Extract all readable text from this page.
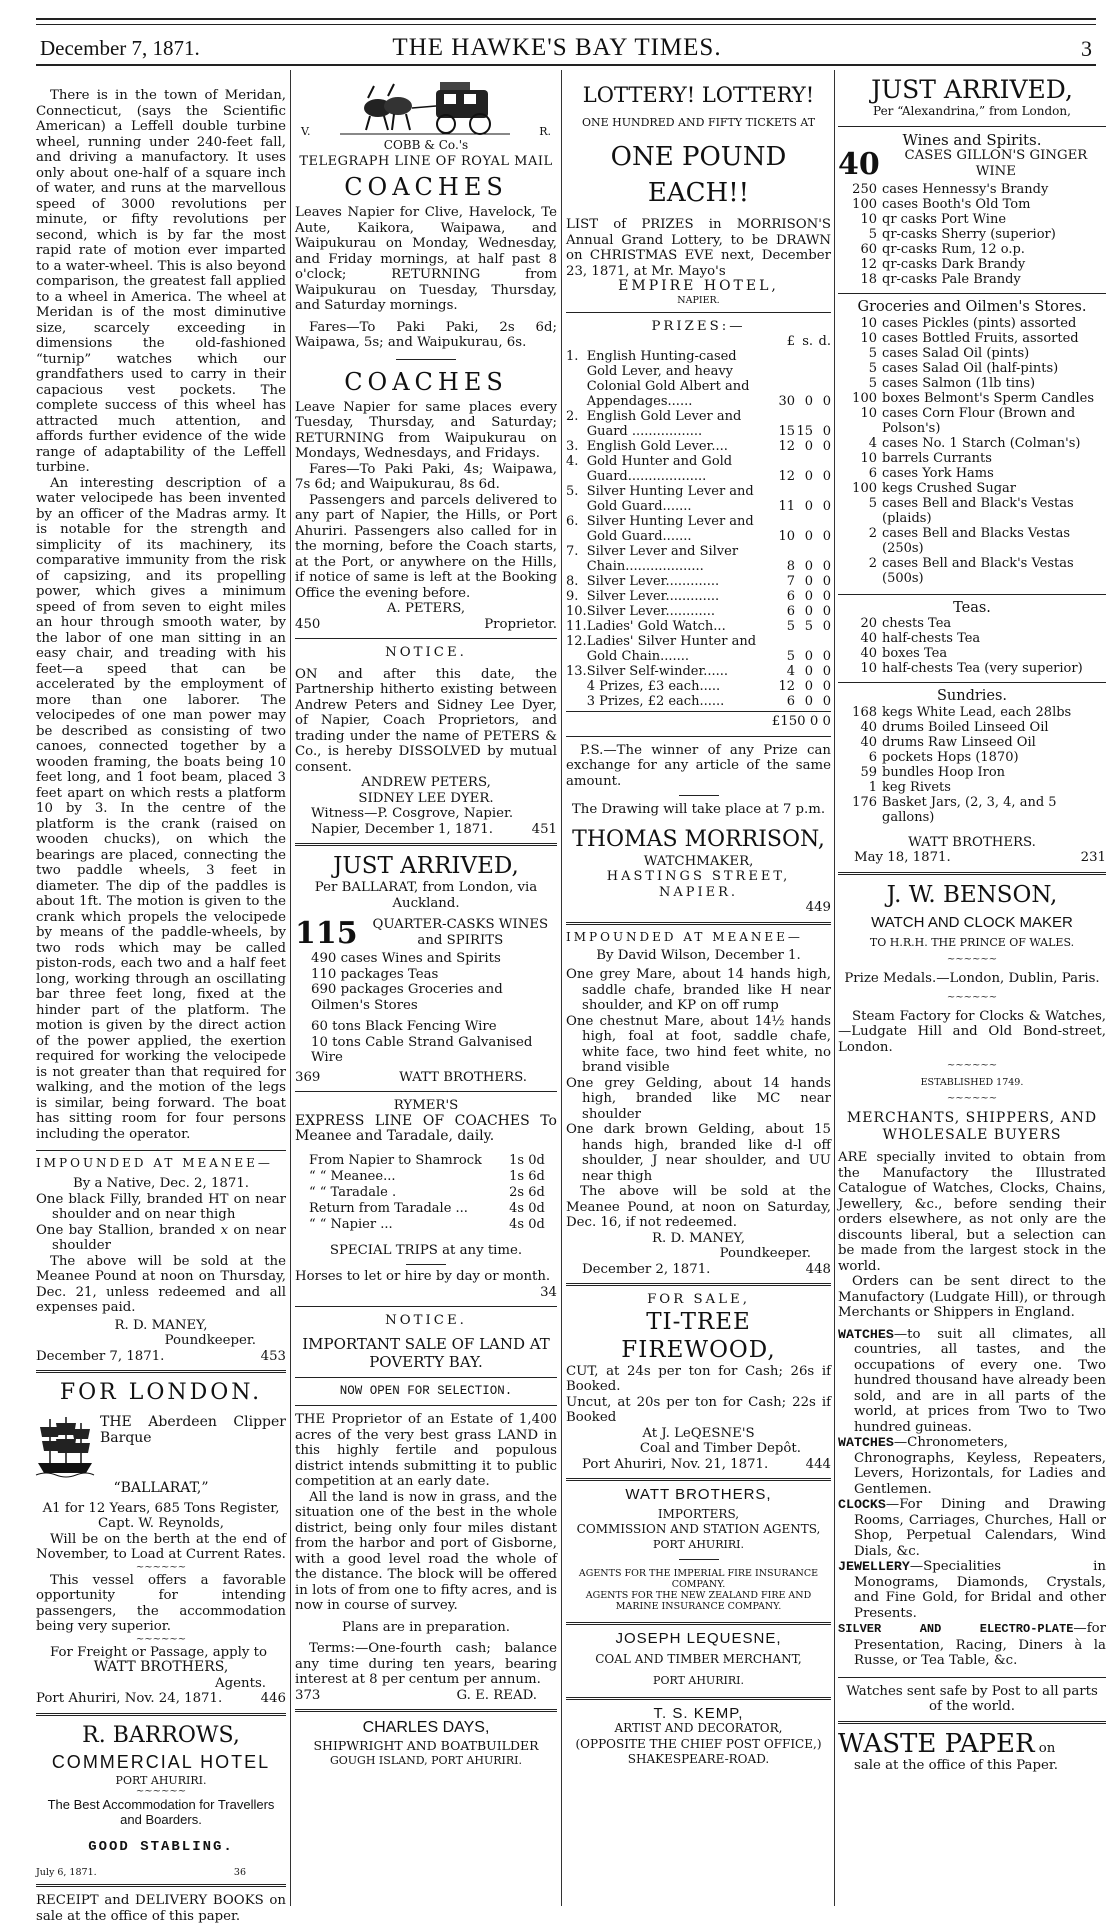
December 7, 1871.	THE HAWKE'S BAY TIMES.	3

There is in the town of Meridan, Connecticut, (says the Scientific American) a Leffell double turbine wheel, running under 240-feet fall, and driving a manufactory. It uses only about one-half of a square inch of water, and runs at the marvellous speed of 3000 revolutions per minute, or fifty revolutions per second, which is by far the most rapid rate of motion ever imparted to a water-wheel. This is also beyond comparison, the greatest fall applied to a wheel in America. The wheel at Meridan is of the most diminutive size, scarcely exceeding in dimensions the old-fashioned “turnip” watches which our grandfathers used to carry in their capacious vest pockets. The complete success of this wheel has attracted much attention, and affords further evidence of the wide range of adaptability of the Leffell turbine.

An interesting description of a water velocipede has been invented by an officer of the Madras army. It is notable for the strength and simplicity of its machinery, its comparative immunity from the risk of capsizing, and its propelling power, which gives a minimum speed of from seven to eight miles an hour through smooth water, by the labor of one man sitting in an easy chair, and treading with his feet—a speed that can be accelerated by the employment of more than one laborer. The velocipedes of one man power may be described as consisting of two canoes, connected together by a wooden framing, the boats being 10 feet long, and 1 foot beam, placed 3 feet apart on which rests a platform 10 by 3. In the centre of the platform is the crank (raised on wooden chucks), on which the bearings are placed, connecting the two paddle wheels, 3 feet in diameter. The dip of the paddles is about 1ft. The motion is given to the crank which propels the velocipede by means of the paddle-wheels, by two rods which may be called piston-rods, each two and a half feet long, working through an oscillating bar three feet long, fixed at the hinder part of the platform. The motion is given by the direct action of the power applied, the exertion required for working the velocipede is not greater than that required for walking, and the motion of the legs is similar, being forward. The boat has sitting room for four persons including the operator.

IMPOUNDED AT MEANEE—
By a Native, Dec. 2, 1871.

One black Filly, branded HT on near shoulder and on near thigh

One bay Stallion, branded 𝑥 on near shoulder

The above will be sold at the Meanee Pound at noon on Thursday, Dec. 21, unless redeemed and all expenses paid.

R. D. MANEY,
Poundkeeper.
December 7, 1871.	453
FOR LONDON.

THE Aberdeen Clipper Barque

“BALLARAT,”
A1 for 12 Years, 685 Tons Register,
Capt. W. Reynolds,

Will be on the berth at the end of November, to Load at Current Rates.

~~~~~~

This vessel offers a favorable opportunity for intending passengers, the accommodation being very superior.

~~~~~~

For Freight or Passage, apply to

WATT BROTHERS,
Agents.
Port Ahuriri, Nov. 24, 1871.	446
R. BARROWS,
COMMERCIAL HOTEL
PORT AHURIRI.
~~~~~~
The Best Accommodation for Travellers and Boarders.
GOOD STABLING.
July 6, 1871.	36

RECEIPT and DELIVERY BOOKS on sale at the office of this paper.

V.	R.
COBB & Co.'s
TELEGRAPH LINE OF ROYAL MAIL
COACHES

Leaves Napier for Clive, Havelock, Te Aute, Kaikora, Waipawa, and Waipukurau on Monday, Wednesday, and Friday mornings, at half past 8 o'clock; RETURNING from Waipukurau on Tuesday, Thursday, and Saturday mornings.

Fares—To Paki Paki, 2s 6d; Waipawa, 5s; and Waipukurau, 6s.

COACHES

Leave Napier for same places every Tuesday, Thursday, and Saturday; RETURNING from Waipukurau on Mondays, Wednesdays, and Fridays.

Fares—To Paki Paki, 4s; Waipawa, 7s 6d; and Waipukurau, 8s 6d.

Passengers and parcels delivered to any part of Napier, the Hills, or Port Ahuriri. Passengers also called for in the morning, before the Coach starts, at the Port, or anywhere on the Hills, if notice of same is left at the Booking Office the evening before.

A. PETERS,
450	Proprietor.
NOTICE.

ON and after this date, the Partnership hitherto existing between Andrew Peters and Sidney Lee Dyer, of Napier, Coach Proprietors, and trading under the name of PETERS & Co., is hereby DISSOLVED by mutual consent.

ANDREW PETERS,
SIDNEY LEE DYER.
Witness—P. Cosgrove, Napier.
Napier, December 1, 1871.	451
JUST ARRIVED,
Per BALLARAT, from London, via Auckland.
115	QUARTER-CASKS WINES and SPIRITS
490 cases Wines and Spirits
110 packages Teas
690 packages Groceries and Oilmen's Stores
60 tons Black Fencing Wire
10 tons Cable Strand Galvanised Wire
369	WATT BROTHERS.
RYMER'S

EXPRESS LINE OF COACHES To Meanee and Taradale, daily.

From Napier to Shamrock	1s 0d
“ “ Meanee...	1s 6d
“ “ Taradale .	2s 6d
Return from Taradale ...	4s 0d
“ “ Napier ...	4s 0d
SPECIAL TRIPS at any time.
Horses to let or hire by day or month.
34
NOTICE.
IMPORTANT SALE OF LAND AT POVERTY BAY.
NOW OPEN FOR SELECTION.

THE Proprietor of an Estate of 1,400 acres of the very best grass LAND in this highly fertile and populous district intends submitting it to public competition at an early date.

All the land is now in grass, and the situation one of the best in the whole district, being only four miles distant from the harbor and port of Gisborne, with a good level road the whole of the distance. The block will be offered in lots of from one to fifty acres, and is now in course of survey.

Plans are in preparation.

Terms:—One-fourth cash; balance any time during ten years, bearing interest at 8 per centum per annum.

373	G. E. READ.
CHARLES DAYS,
SHIPWRIGHT AND BOATBUILDER
GOUGH ISLAND, PORT AHURIRI.
LOTTERY! LOTTERY!
ONE HUNDRED AND FIFTY TICKETS AT
ONE POUND EACH!!

LIST of PRIZES in MORRISON'S Annual Grand Lottery, to be DRAWN on CHRISTMAS EVE next, December 23, 1871, at Mr. Mayo's

EMPIRE HOTEL,
NAPIER.
PRIZES:—
		£	s.	d.
1.	English Hunting-cased Gold Lever, and heavy Colonial Gold Albert and Appendages......	30	0	0
2.	English Gold Lever and Guard .................	15	15	0
3.	English Gold Lever....	12	0	0
4.	Gold Hunter and Gold Guard...................	12	0	0
5.	Silver Hunting Lever and Gold Guard.......	11	0	0
6.	Silver Hunting Lever and Gold Guard.......	10	0	0
7.	Silver Lever and Silver Chain...................	8	0	0
8.	Silver Lever.............	7	0	0
9.	Silver Lever.............	6	0	0
10.	Silver Lever............	6	0	0
11.	Ladies' Gold Watch...	5	5	0
12.	Ladies' Silver Hunter and Gold Chain.......	5	0	0
13.	Silver Self-winder......	4	0	0
	4 Prizes, £3 each.....	12	0	0
	3 Prizes, £2 each......	6	0	0
£150 0 0

P.S.—The winner of any Prize can exchange for any article of the same amount.

The Drawing will take place at 7 p.m.
THOMAS MORRISON,
WATCHMAKER,
HASTINGS STREET, NAPIER.
449
IMPOUNDED AT MEANEE—
By David Wilson, December 1.

One grey Mare, about 14 hands high, saddle chafe, branded like H near shoulder, and KP on off rump

One chestnut Mare, about 14½ hands high, foal at foot, saddle chafe, white face, two hind feet white, no brand visible

One grey Gelding, about 14 hands high, branded like MC near shoulder

One dark brown Gelding, about 15 hands high, branded like d-l off shoulder, J near shoulder, and UU near thigh

The above will be sold at the Meanee Pound, at noon on Saturday, Dec. 16, if not redeemed.

R. D. MANEY,
Poundkeeper.
December 2, 1871.	448
FOR SALE,
TI-TREE FIREWOOD,

CUT, at 24s per ton for Cash; 26s if Booked.

Uncut, at 20s per ton for Cash; 22s if Booked

At J. LeQESNE'S
Coal and Timber Depôt.
Port Ahuriri, Nov. 21, 1871.	444
WATT BROTHERS,
IMPORTERS,
COMMISSION AND STATION AGENTS,
PORT AHURIRI.
AGENTS FOR THE IMPERIAL FIRE INSURANCE COMPANY.
AGENTS FOR THE NEW ZEALAND FIRE AND MARINE INSURANCE COMPANY.
JOSEPH LEQUESNE,
COAL AND TIMBER MERCHANT,
PORT AHURIRI.
T. S. KEMP,
ARTIST AND DECORATOR,
(OPPOSITE THE CHIEF POST OFFICE,)
SHAKESPEARE-ROAD.
JUST ARRIVED,
Per “Alexandrina,” from London,
Wines and Spirits.
40	CASES GILLON'S GINGER WINE
250	cases Hennessy's Brandy
100	cases Booth's Old Tom
10	qr casks Port Wine
5	qr-casks Sherry (superior)
60	qr-casks Rum, 12 o.p.
12	qr-casks Dark Brandy
18	qr-casks Pale Brandy
Groceries and Oilmen's Stores.
10	cases Pickles (pints) assorted
10	cases Bottled Fruits, assorted
5	cases Salad Oil (pints)
5	cases Salad Oil (half-pints)
5	cases Salmon (1lb tins)
100	boxes Belmont's Sperm Candles
10	cases Corn Flour (Brown and Polson's)
4	cases No. 1 Starch (Colman's)
10	barrels Currants
6	cases York Hams
100	kegs Crushed Sugar
5	cases Bell and Black's Vestas (plaids)
2	cases Bell and Blacks Vestas (250s)
2	cases Bell and Black's Vestas (500s)
Teas.
20	chests Tea
40	half-chests Tea
40	boxes Tea
10	half-chests Tea (very superior)
Sundries.
168	kegs White Lead, each 28lbs
40	drums Boiled Linseed Oil
40	drums Raw Linseed Oil
6	pockets Hops (1870)
59	bundles Hoop Iron
1	keg Rivets
176	Basket Jars, (2, 3, 4, and 5 gallons)
WATT BROTHERS.
May 18, 1871.	231
J. W. BENSON,
WATCH AND CLOCK MAKER
TO H.R.H. THE PRINCE OF WALES.
~~~~~~
Prize Medals.—London, Dublin, Paris.
~~~~~~

Steam Factory for Clocks & Watches, —Ludgate Hill and Old Bond-street, London.

~~~~~~
ESTABLISHED 1749.
~~~~~~
MERCHANTS, SHIPPERS, AND WHOLESALE BUYERS

ARE specially invited to obtain from the Manufactory the Illustrated Catalogue of Watches, Clocks, Chains, Jewellery, &c., before sending their orders elsewhere, as not only are the discounts liberal, but a selection can be made from the largest stock in the world.

Orders can be sent direct to the Manufactory (Ludgate Hill), or through Merchants or Shippers in England.

WATCHES—to suit all climates, all countries, all tastes, and the occupations of every one. Two hundred thousand have already been sold, and are in all parts of the world, at prices from Two to Two hundred guineas.

WATCHES—Chronometers, Chronographs, Keyless, Repeaters, Levers, Horizontals, for Ladies and Gentlemen.

CLOCKS—For Dining and Drawing Rooms, Carriages, Churches, Hall or Shop, Perpetual Calendars, Wind Dials, &c.

JEWELLERY—Specialities in Monograms, Diamonds, Crystals, and Fine Gold, for Bridal and other Presents.

SILVER AND ELECTRO-PLATE—for Presentation, Racing, Diners à la Russe, or Tea Table, &c.

Watches sent safe by Post to all parts of the world.

WASTE PAPER on
sale at the office of this Paper.
